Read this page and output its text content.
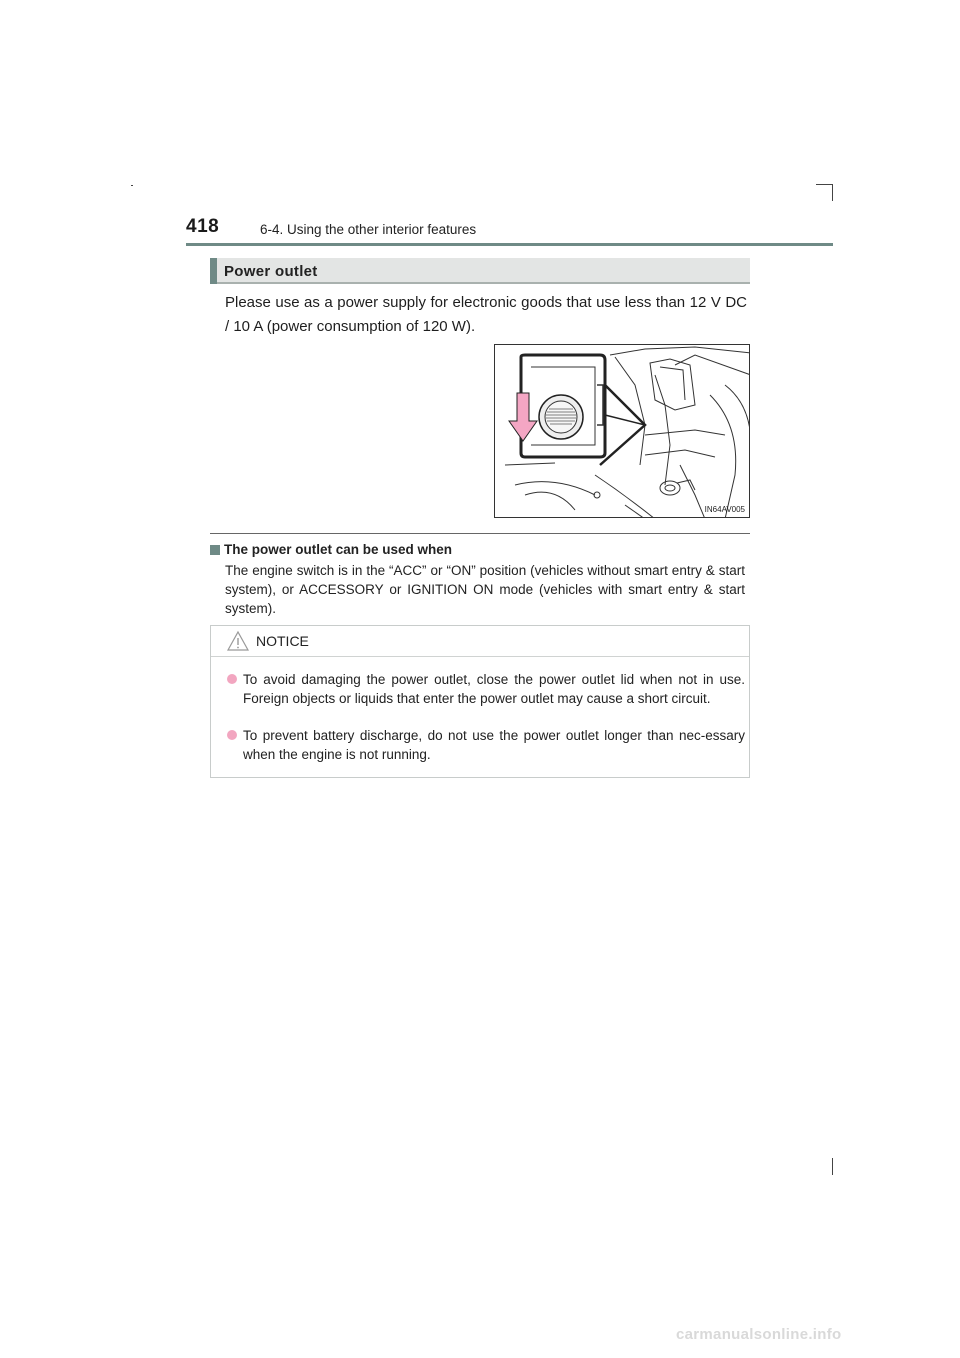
418	6-4. Using the other interior features
Power outlet
Please use as a power supply for electronic goods that use less than 12 V DC / 10 A (power consumption of 120 W).
IN64AV005
The power outlet can be used when
The engine switch is in the “ACC” or “ON” position (vehicles without smart entry & start system), or ACCESSORY or IGNITION ON mode (vehicles with smart entry & start system).
NOTICE
To avoid damaging the power outlet, close the power outlet lid when not in use. Foreign objects or liquids that enter the power outlet may cause a short circuit.
To prevent battery discharge, do not use the power outlet longer than nec-essary when the engine is not running.
carmanualsonline.info
